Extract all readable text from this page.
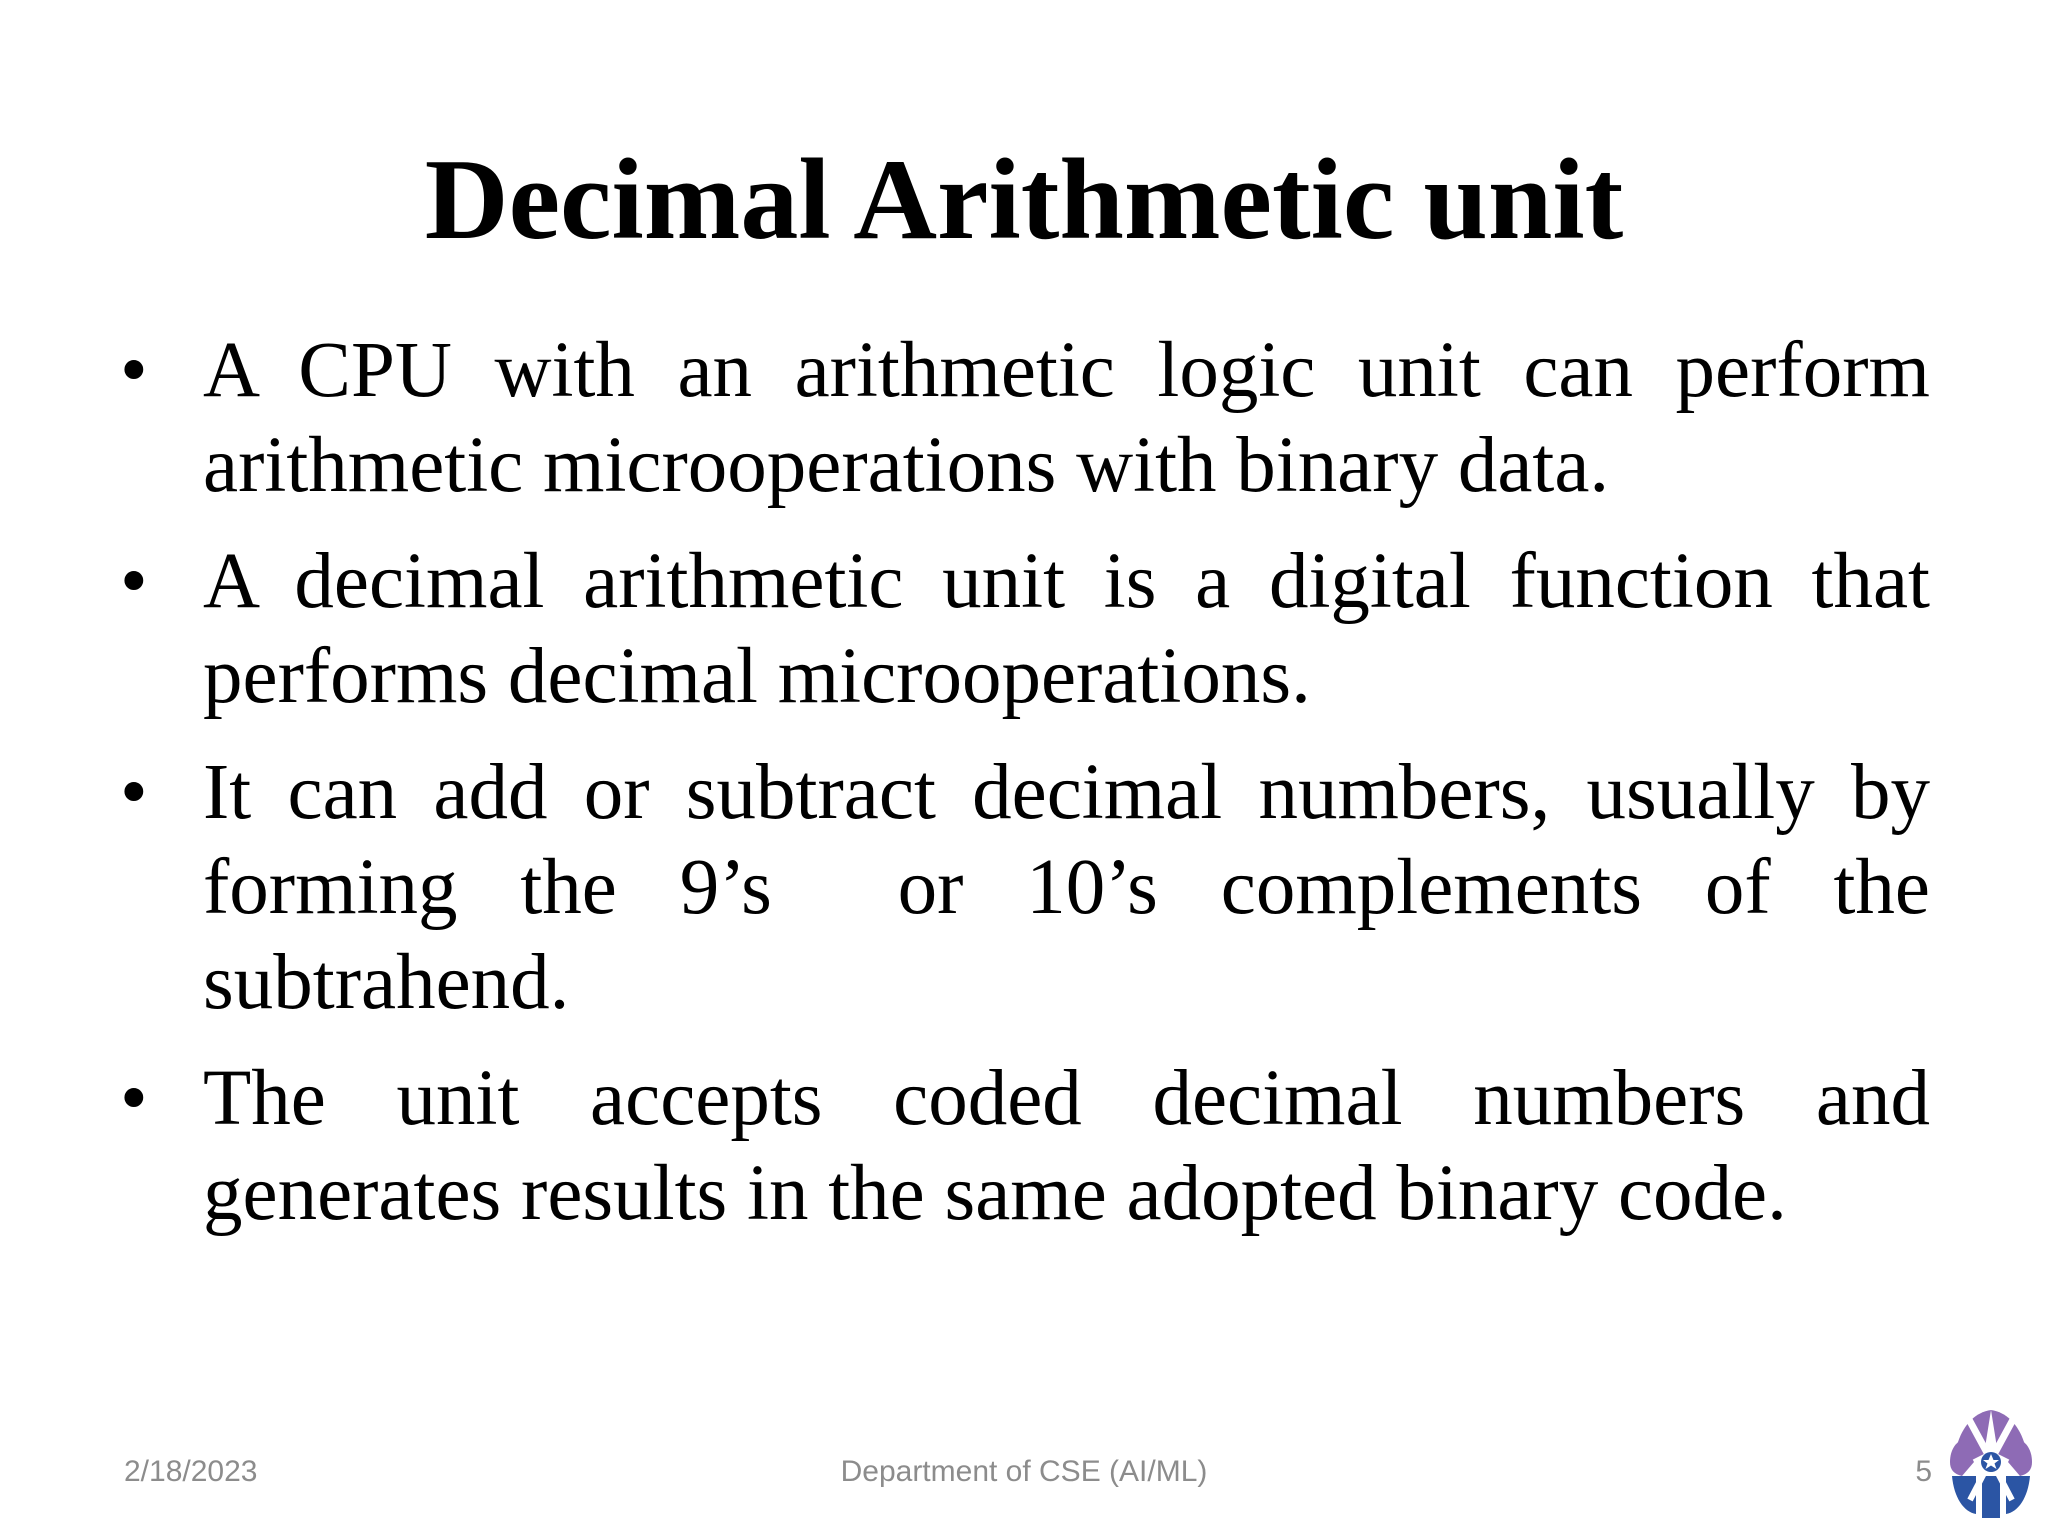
Decimal Arithmetic unit
• A CPU with an arithmetic logic unit can perform arithmetic microoperations with binary data.
• A decimal arithmetic unit is a digital function that performs decimal microoperations.
• It can add or subtract decimal numbers, usually by forming the 9’s  or 10’s complements of the subtrahend.
• The unit accepts coded decimal numbers and generates results in the same adopted binary code.
2/18/2023	Department of CSE (AI/ML)	5
